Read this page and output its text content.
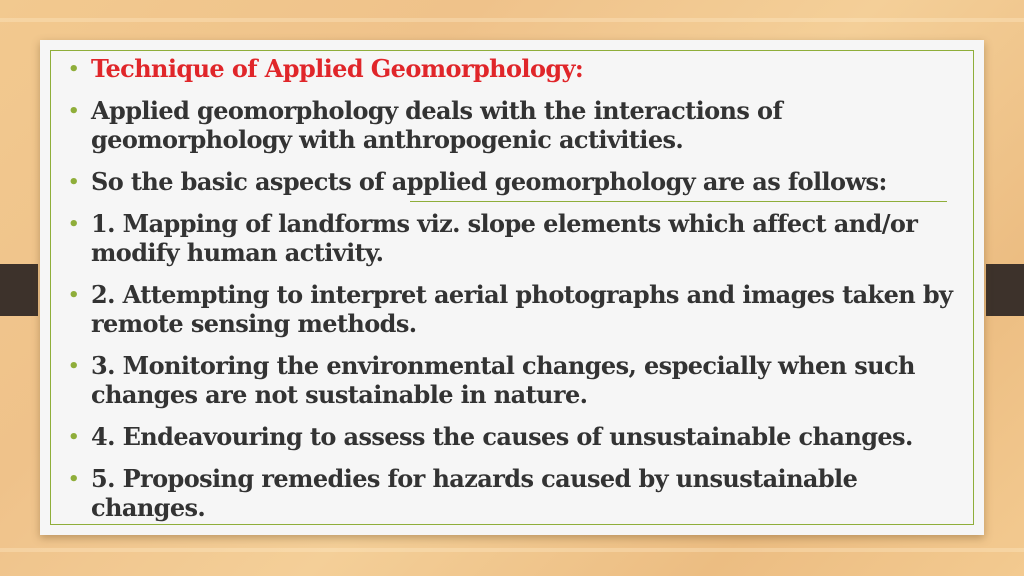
• Technique of Applied Geomorphology:
• Applied geomorphology deals with the interactions of geomorphology with anthropogenic activities.
• So the basic aspects of applied geomorphology are as follows:
• 1. Mapping of landforms viz. slope elements which affect and/or modify human activity.
• 2. Attempting to interpret aerial photographs and images taken by remote sensing methods.
• 3. Monitoring the environmental changes, especially when such changes are not sustainable in nature.
• 4. Endeavouring to assess the causes of unsustainable changes.
• 5. Proposing remedies for hazards caused by unsustainable changes.
